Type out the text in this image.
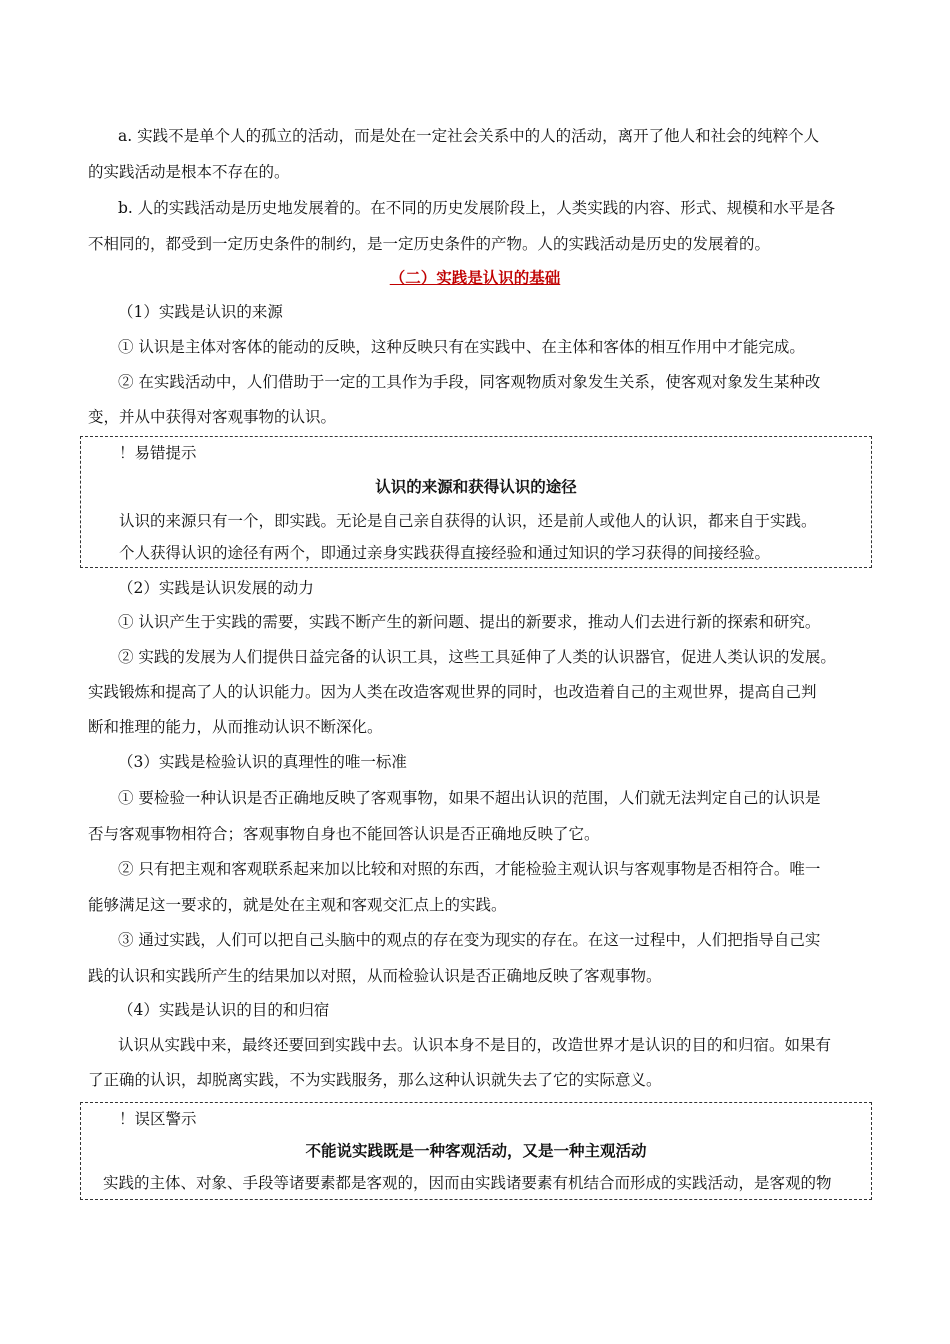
a. 实践不是单个人的孤立的活动，而是处在一定社会关系中的人的活动，离开了他人和社会的纯粹个人
的实践活动是根本不存在的。
b. 人的实践活动是历史地发展着的。在不同的历史发展阶段上，人类实践的内容、形式、规模和水平是各
不相同的，都受到一定历史条件的制约，是一定历史条件的产物。人的实践活动是历史的发展着的。
（二）实践是认识的基础
（1）实践是认识的来源
① 认识是主体对客体的能动的反映，这种反映只有在实践中、在主体和客体的相互作用中才能完成。
② 在实践活动中，人们借助于一定的工具作为手段，同客观物质对象发生关系，使客观对象发生某种改
变，并从中获得对客观事物的认识。
！易错提示
认识的来源和获得认识的途径
认识的来源只有一个，即实践。无论是自己亲自获得的认识，还是前人或他人的认识，都来自于实践。
个人获得认识的途径有两个，即通过亲身实践获得直接经验和通过知识的学习获得的间接经验。
（2）实践是认识发展的动力
① 认识产生于实践的需要，实践不断产生的新问题、提出的新要求，推动人们去进行新的探索和研究。
② 实践的发展为人们提供日益完备的认识工具，这些工具延伸了人类的认识器官，促进人类认识的发展。
实践锻炼和提高了人的认识能力。因为人类在改造客观世界的同时，也改造着自己的主观世界，提高自己判
断和推理的能力，从而推动认识不断深化。
（3）实践是检验认识的真理性的唯一标准
① 要检验一种认识是否正确地反映了客观事物，如果不超出认识的范围，人们就无法判定自己的认识是
否与客观事物相符合；客观事物自身也不能回答认识是否正确地反映了它。
② 只有把主观和客观联系起来加以比较和对照的东西，才能检验主观认识与客观事物是否相符合。唯一
能够满足这一要求的，就是处在主观和客观交汇点上的实践。
③ 通过实践，人们可以把自己头脑中的观点的存在变为现实的存在。在这一过程中，人们把指导自己实
践的认识和实践所产生的结果加以对照，从而检验认识是否正确地反映了客观事物。
（4）实践是认识的目的和归宿
认识从实践中来，最终还要回到实践中去。认识本身不是目的，改造世界才是认识的目的和归宿。如果有
了正确的认识，却脱离实践，不为实践服务，那么这种认识就失去了它的实际意义。
！误区警示
不能说实践既是一种客观活动，又是一种主观活动
实践的主体、对象、手段等诸要素都是客观的，因而由实践诸要素有机结合而形成的实践活动，是客观的物
